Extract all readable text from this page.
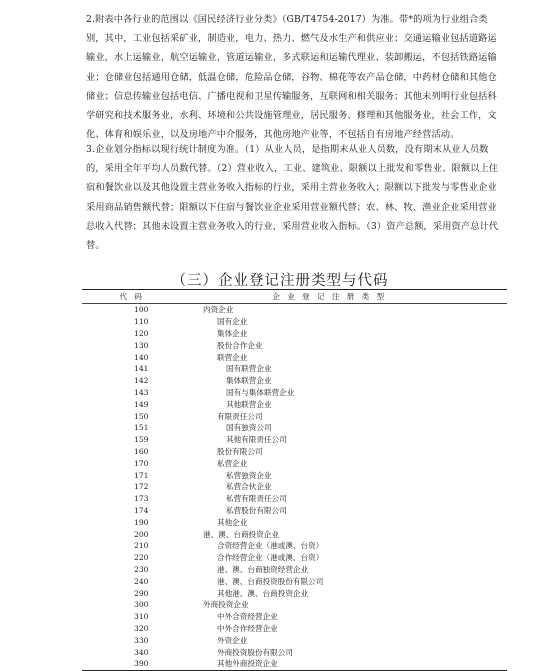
2.附表中各行业的范围以《国民经济行业分类》（GB/T4754-2017）为准。带*的项为行业组合类别，其中，工业包括采矿业，制造业，电力、热力、燃气及水生产和供应业；交通运输业包括道路运输业，水上运输业，航空运输业，管道运输业，多式联运和运输代理业、装卸搬运，不包括铁路运输业；仓储业包括通用仓储，低温仓储，危险品仓储，谷物、棉花等农产品仓储，中药材仓储和其他仓储业；信息传输业包括电信、广播电视和卫星传输服务，互联网和相关服务；其他未列明行业包括科学研究和技术服务业，水利、环境和公共设施管理业，居民服务、修理和其他服务业，社会工作，文化、体育和娱乐业，以及房地产中介服务，其他房地产业等，不包括自有房地产经营活动。

3.企业划分指标以现行统计制度为准。（1）从业人员，是指期末从业人员数，没有期末从业人员数的，采用全年平均人员数代替。（2）营业收入，工业、建筑业、限额以上批发和零售业、限额以上住宿和餐饮业以及其他设置主营业务收入指标的行业，采用主营业务收入；限额以下批发与零售业企业采用商品销售额代替；限额以下住宿与餐饮业企业采用营业额代替；农、林、牧、渔业企业采用营业总收入代替；其他未设置主营业务收入的行业，采用营业收入指标。（3）资产总额，采用资产总计代替。

（三）企业登记注册类型与代码
代 码	企 业 登 记 注 册 类 型
100	内资企业
110	国有企业
120	集体企业
130	股份合作企业
140	联营企业
141	国有联营企业
142	集体联营企业
143	国有与集体联营企业
149	其他联营企业
150	有限责任公司
151	国有独资公司
159	其他有限责任公司
160	股份有限公司
170	私营企业
171	私营独资企业
172	私营合伙企业
173	私营有限责任公司
174	私营股份有限公司
190	其他企业
200	港、澳、台商投资企业
210	合资经营企业（港或澳、台资）
220	合作经营企业（港或澳、台资）
230	港、澳、台商独资经营企业
240	港、澳、台商投资股份有限公司
290	其他港、澳、台商投资企业
300	外商投资企业
310	中外合资经营企业
320	中外合作经营企业
330	外资企业
340	外商投资股份有限公司
390	其他外商投资企业
